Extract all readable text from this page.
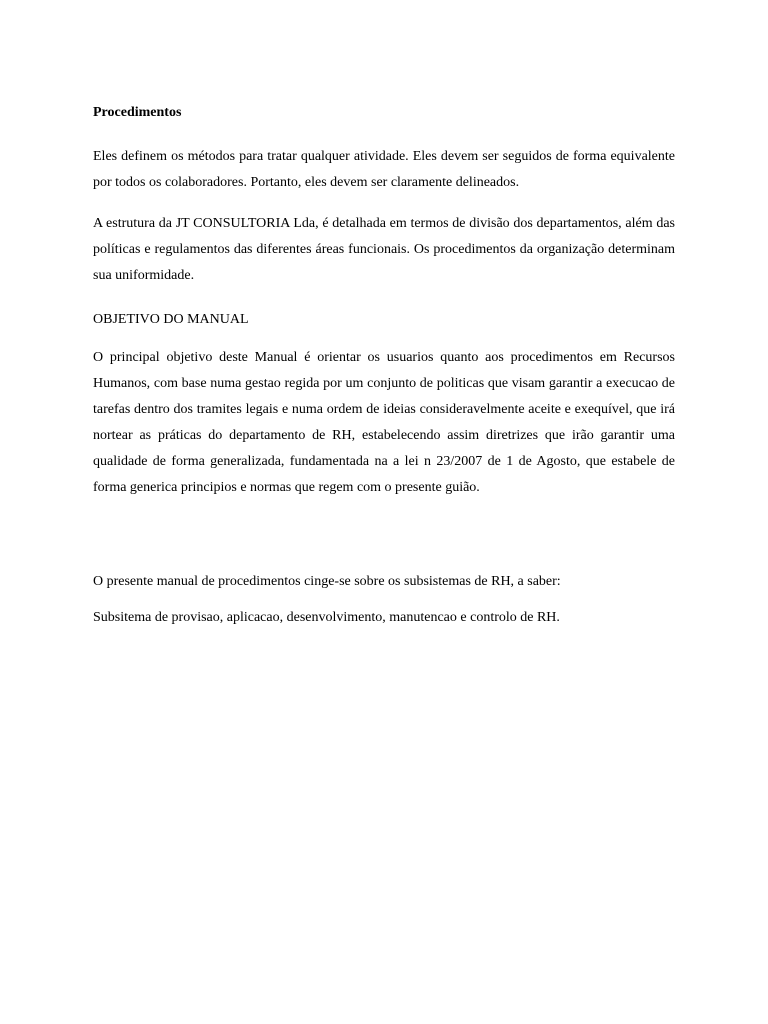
Procedimentos

Eles definem os métodos para tratar qualquer atividade. Eles devem ser seguidos de forma equivalente por todos os colaboradores. Portanto, eles devem ser claramente delineados.

A estrutura da JT CONSULTORIA Lda, é detalhada em termos de divisão dos departamentos, além das políticas e regulamentos das diferentes áreas funcionais. Os procedimentos da organização determinam sua uniformidade.

OBJETIVO DO MANUAL

O principal objetivo deste Manual é orientar os usuarios quanto aos procedimentos em Recursos Humanos, com base numa gestao regida por um conjunto de politicas que visam garantir a execucao de tarefas dentro dos tramites legais e numa ordem de ideias consideravelmente aceite e exequível, que irá nortear as práticas do departamento de RH, estabelecendo assim diretrizes que irão garantir uma qualidade de forma generalizada, fundamentada na a lei n 23/2007 de 1 de Agosto, que estabele de forma generica principios e normas que regem com o presente guião.

O presente manual de procedimentos cinge-se sobre os subsistemas de RH, a saber:

Subsitema de provisao, aplicacao, desenvolvimento, manutencao e controlo de RH.
